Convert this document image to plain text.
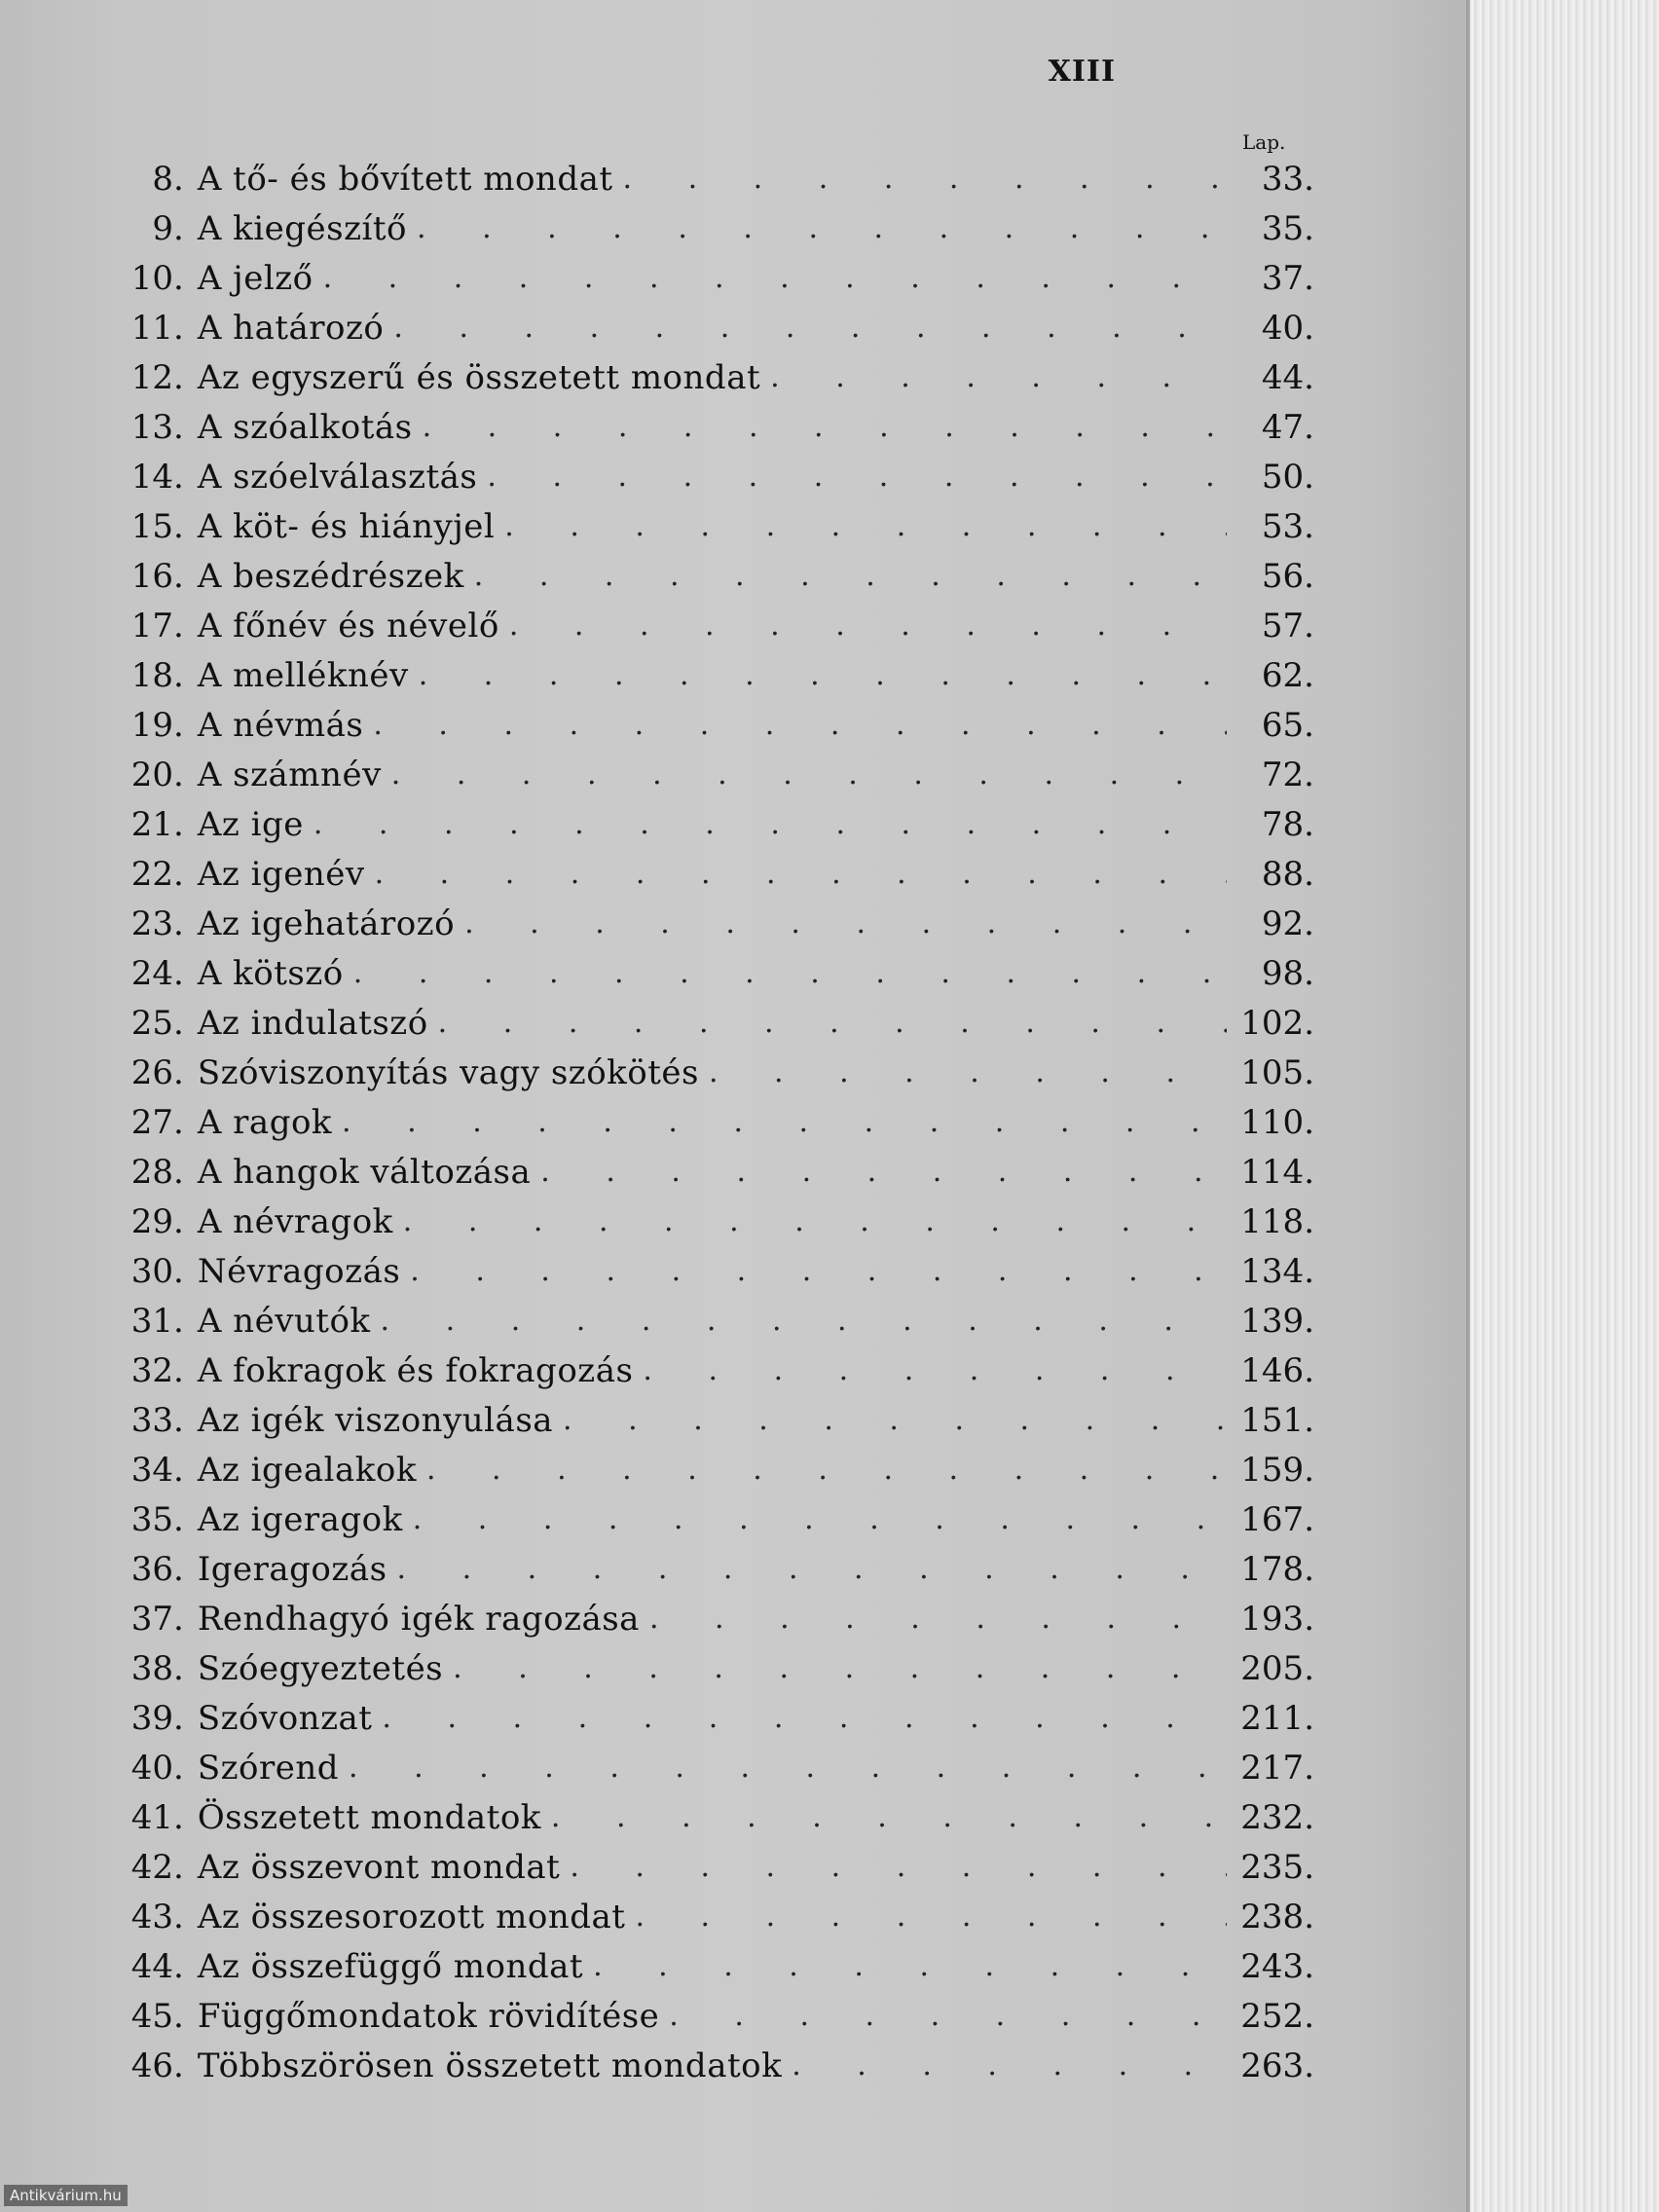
XIII
Lap.
8 . A tő- és bővített mondat . . .	33.
9 . A kiegészítő . . .	35.
10 . A jelző . . .	37.
11 . A határozó . . .	40.
12 . Az egyszerű és összetett mondat . . .	44.
13 . A szóalkotás . . .	47.
14 . A szóelválasztás . . .	50.
15 . A köt- és hiányjel . . .	53.
16 . A beszédrészek . . .	56.
17 . A főnév és névelő . . .	57.
18 . A melléknév . . .	62.
19 . A névmás . . .	65.
20 . A számnév . . .	72.
21 . Az ige . . .	78.
22 . Az igenév . . .	88.
23 . Az igehatározó . . .	92.
24 . A kötszó . . .	98.
25 . Az indulatszó . . .	102.
26 . Szóviszonyítás vagy szókötés . . .	105.
27 . A ragok . . .	110.
28 . A hangok változása . . .	114.
29 . A névragok . . .	118.
30 . Névragozás . . .	134.
31 . A névutók . . .	139.
32 . A fokragok és fokragozás . . .	146.
33 . Az igék viszonyulása . . .	151.
34 . Az igealakok . . .	159.
35 . Az igeragok . . .	167.
36 . Igeragozás . . .	178.
37 . Rendhagyó igék ragozása . . .	193.
38 . Szóegyeztetés . . .	205.
39 . Szóvonzat . . .	211.
40 . Szórend . . .	217.
41 . Összetett mondatok . . .	232.
42 . Az összevont mondat . . .	235.
43 . Az összesorozott mondat . . .	238.
44 . Az összefüggő mondat . . .	243.
45 . Függőmondatok rövidítése . . .	252.
46 . Többszörösen összetett mondatok . . .	263.
Antikvárium.hu
